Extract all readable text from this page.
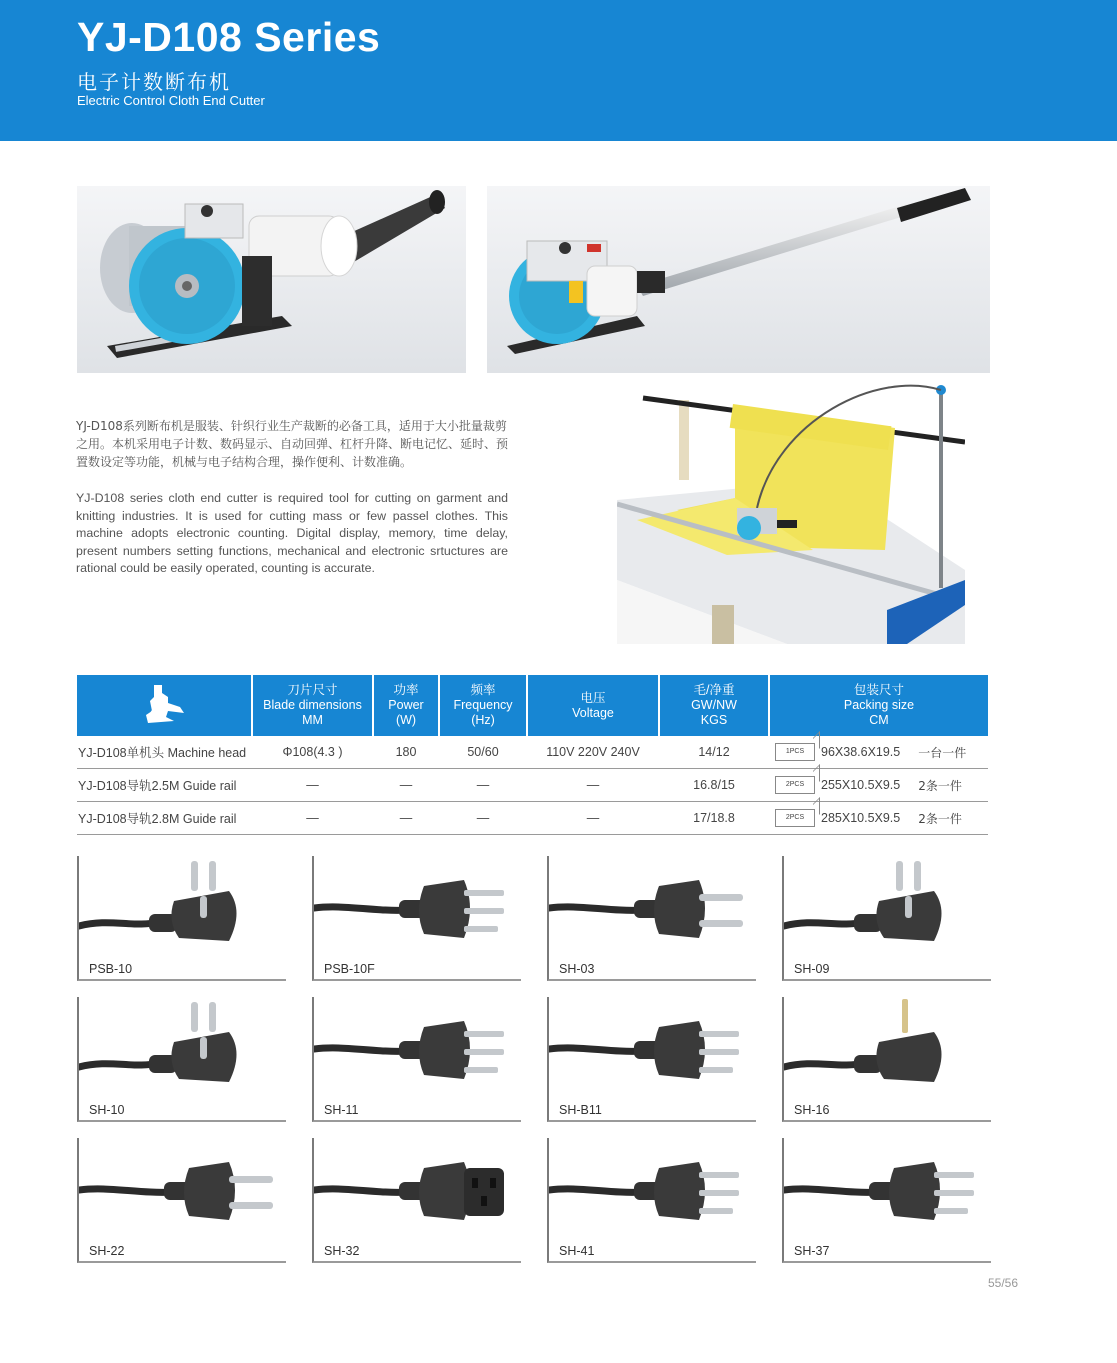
YJ-D108 Series
电子计数断布机
Electric Control Cloth End Cutter

YJ-D108系列断布机是服装、针织行业生产裁断的必备工具，适用于大小批量裁剪之用。本机采用电子计数、数码显示、自动回弹、杠杆升降、断电记忆、延时、预置数设定等功能，机械与电子结构合理，操作便利、计数准确。

YJ-D108 series cloth end cutter is required tool for cutting on garment and knitting industries. It is used for cutting mass or few passel clothes. This machine adopts electronic counting. Digital display, memory, time delay, present numbers setting functions, mechanical and electronic srtuctures are rational could be easily operated, counting is accurate.

刀片尺寸
Blade dimensions
MM	功率
Power
(W)	频率
Frequency
(Hz)	电压
Voltage	毛/净重
GW/NW
KGS	包装尺寸
Packing size
CM

YJ-D108单机头 Machine head	Φ108(4.3 )	180	50/60	110V 220V 240V	14/12	1PCS 96X38.6X19.5 一台一件

YJ-D108导轨2.5M Guide rail	—	—	—	—	16.8/15	2PCS 255X10.5X9.5 2条一件

YJ-D108导轨2.8M Guide rail	—	—	—	—	17/18.8	2PCS 285X10.5X9.5 2条一件
PSB-10	PSB-10F	SH-03	SH-09
SH-10	SH-11	SH-B11	SH-16
SH-22	SH-32	SH-41	SH-37
55/56
